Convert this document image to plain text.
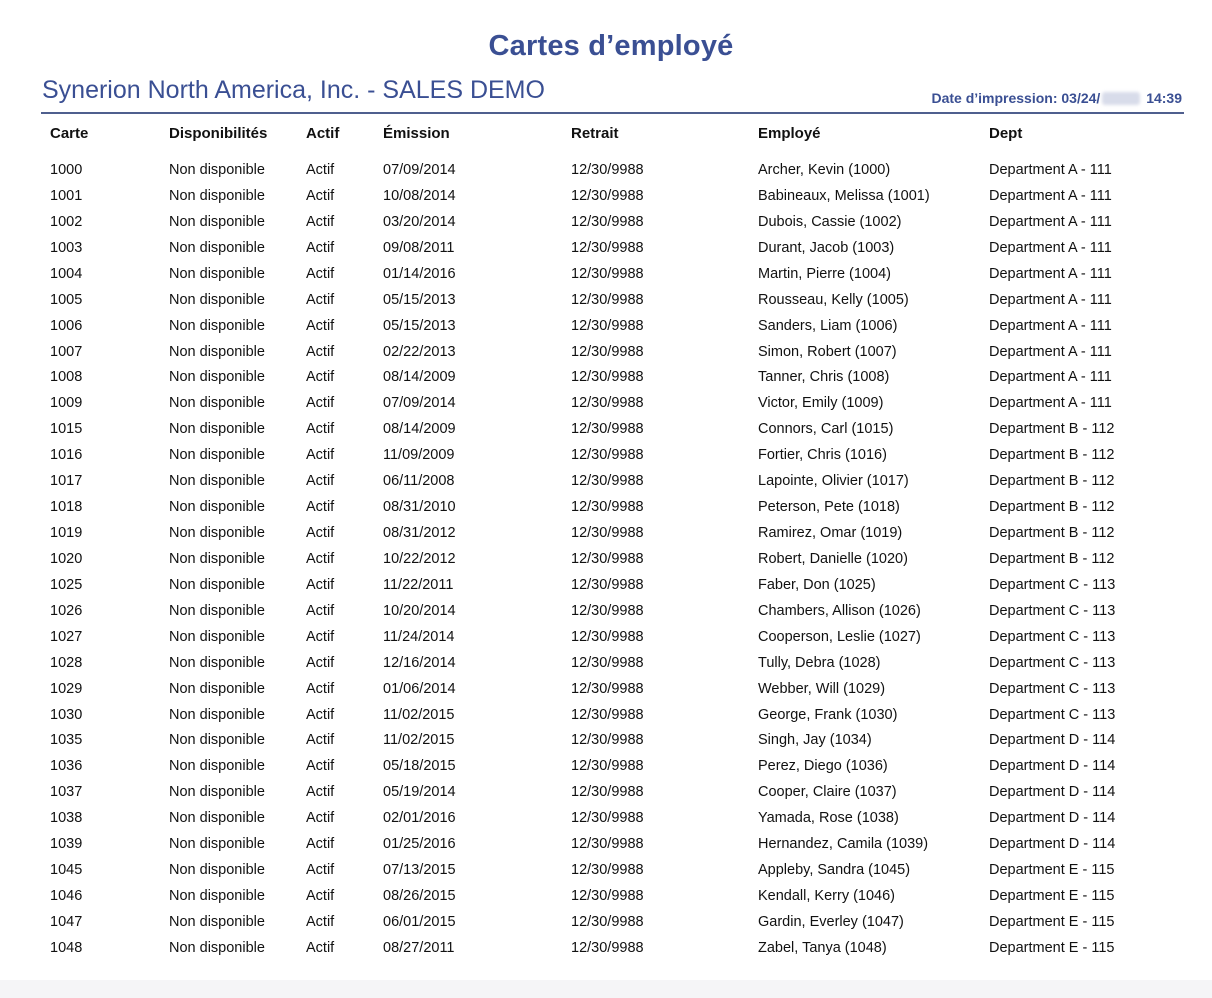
Cartes d’employé
Synerion North America, Inc. - SALES DEMO	Date d’impression: 03/24/	14:39
Carte	Disponibilités	Actif	Émission	Retrait	Employé	Dept
1000	Non disponible	Actif	07/09/2014	12/30/9988	Archer, Kevin (1000)	Department A - 111
1001	Non disponible	Actif	10/08/2014	12/30/9988	Babineaux, Melissa (1001)	Department A - 111
1002	Non disponible	Actif	03/20/2014	12/30/9988	Dubois, Cassie (1002)	Department A - 111
1003	Non disponible	Actif	09/08/2011	12/30/9988	Durant, Jacob (1003)	Department A - 111
1004	Non disponible	Actif	01/14/2016	12/30/9988	Martin, Pierre (1004)	Department A - 111
1005	Non disponible	Actif	05/15/2013	12/30/9988	Rousseau, Kelly (1005)	Department A - 111
1006	Non disponible	Actif	05/15/2013	12/30/9988	Sanders, Liam (1006)	Department A - 111
1007	Non disponible	Actif	02/22/2013	12/30/9988	Simon, Robert (1007)	Department A - 111
1008	Non disponible	Actif	08/14/2009	12/30/9988	Tanner, Chris (1008)	Department A - 111
1009	Non disponible	Actif	07/09/2014	12/30/9988	Victor, Emily (1009)	Department A - 111
1015	Non disponible	Actif	08/14/2009	12/30/9988	Connors, Carl (1015)	Department B - 112
1016	Non disponible	Actif	11/09/2009	12/30/9988	Fortier, Chris (1016)	Department B - 112
1017	Non disponible	Actif	06/11/2008	12/30/9988	Lapointe, Olivier (1017)	Department B - 112
1018	Non disponible	Actif	08/31/2010	12/30/9988	Peterson, Pete (1018)	Department B - 112
1019	Non disponible	Actif	08/31/2012	12/30/9988	Ramirez, Omar (1019)	Department B - 112
1020	Non disponible	Actif	10/22/2012	12/30/9988	Robert, Danielle (1020)	Department B - 112
1025	Non disponible	Actif	11/22/2011	12/30/9988	Faber, Don (1025)	Department C - 113
1026	Non disponible	Actif	10/20/2014	12/30/9988	Chambers, Allison (1026)	Department C - 113
1027	Non disponible	Actif	11/24/2014	12/30/9988	Cooperson, Leslie (1027)	Department C - 113
1028	Non disponible	Actif	12/16/2014	12/30/9988	Tully, Debra (1028)	Department C - 113
1029	Non disponible	Actif	01/06/2014	12/30/9988	Webber, Will (1029)	Department C - 113
1030	Non disponible	Actif	11/02/2015	12/30/9988	George, Frank (1030)	Department C - 113
1035	Non disponible	Actif	11/02/2015	12/30/9988	Singh, Jay (1034)	Department D - 114
1036	Non disponible	Actif	05/18/2015	12/30/9988	Perez, Diego (1036)	Department D - 114
1037	Non disponible	Actif	05/19/2014	12/30/9988	Cooper, Claire (1037)	Department D - 114
1038	Non disponible	Actif	02/01/2016	12/30/9988	Yamada, Rose (1038)	Department D - 114
1039	Non disponible	Actif	01/25/2016	12/30/9988	Hernandez, Camila (1039)	Department D - 114
1045	Non disponible	Actif	07/13/2015	12/30/9988	Appleby, Sandra (1045)	Department E - 115
1046	Non disponible	Actif	08/26/2015	12/30/9988	Kendall, Kerry (1046)	Department E - 115
1047	Non disponible	Actif	06/01/2015	12/30/9988	Gardin, Everley (1047)	Department E - 115
1048	Non disponible	Actif	08/27/2011	12/30/9988	Zabel, Tanya (1048)	Department E - 115
